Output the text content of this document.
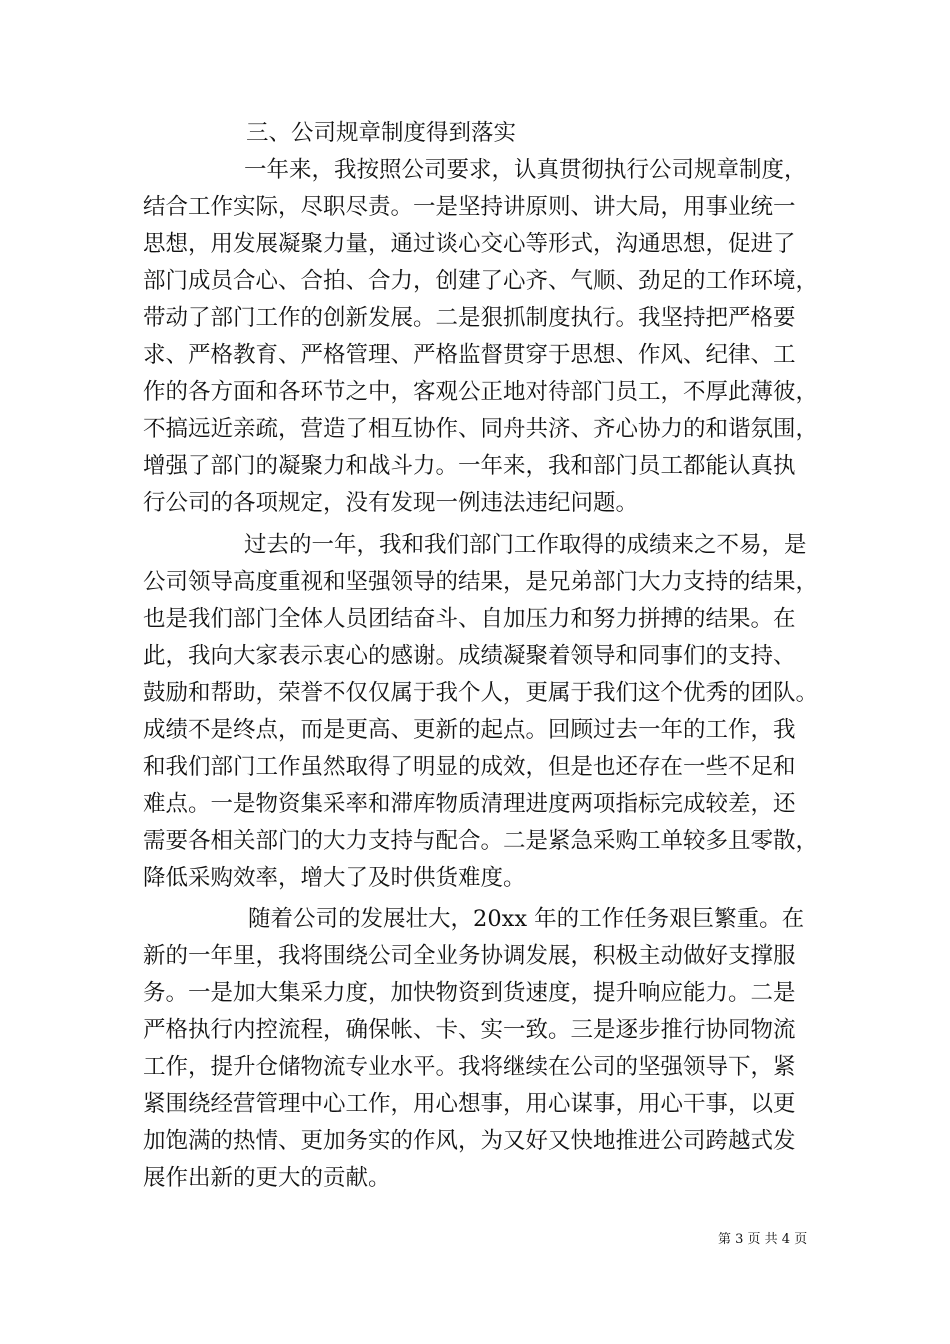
三、公司规章制度得到落实
一年来，我按照公司要求，认真贯彻执行公司规章制度，
结合工作实际，尽职尽责。一是坚持讲原则、讲大局，用事业统一
思想，用发展凝聚力量，通过谈心交心等形式，沟通思想，促进了
部门成员合心、合拍、合力，创建了心齐、气顺、劲足的工作环境，
带动了部门工作的创新发展。二是狠抓制度执行。我坚持把严格要
求、严格教育、严格管理、严格监督贯穿于思想、作风、纪律、工
作的各方面和各环节之中，客观公正地对待部门员工，不厚此薄彼，
不搞远近亲疏，营造了相互协作、同舟共济、齐心协力的和谐氛围，
增强了部门的凝聚力和战斗力。一年来，我和部门员工都能认真执
行公司的各项规定，没有发现一例违法违纪问题。
过去的一年，我和我们部门工作取得的成绩来之不易，是
公司领导高度重视和坚强领导的结果，是兄弟部门大力支持的结果，
也是我们部门全体人员团结奋斗、自加压力和努力拼搏的结果。在
此，我向大家表示衷心的感谢。成绩凝聚着领导和同事们的支持、
鼓励和帮助，荣誉不仅仅属于我个人，更属于我们这个优秀的团队。
成绩不是终点，而是更高、更新的起点。回顾过去一年的工作，我
和我们部门工作虽然取得了明显的成效，但是也还存在一些不足和
难点。一是物资集采率和滞库物质清理进度两项指标完成较差，还
需要各相关部门的大力支持与配合。二是紧急采购工单较多且零散，
降低采购效率，增大了及时供货难度。
随着公司的发展壮大，20xx 年的工作任务艰巨繁重。在
新的一年里，我将围绕公司全业务协调发展，积极主动做好支撑服
务。一是加大集采力度，加快物资到货速度，提升响应能力。二是
严格执行内控流程，确保帐、卡、实一致。三是逐步推行协同物流
工作，提升仓储物流专业水平。我将继续在公司的坚强领导下，紧
紧围绕经营管理中心工作，用心想事，用心谋事，用心干事，以更
加饱满的热情、更加务实的作风，为又好又快地推进公司跨越式发
展作出新的更大的贡献。
第 3 页 共 4 页
